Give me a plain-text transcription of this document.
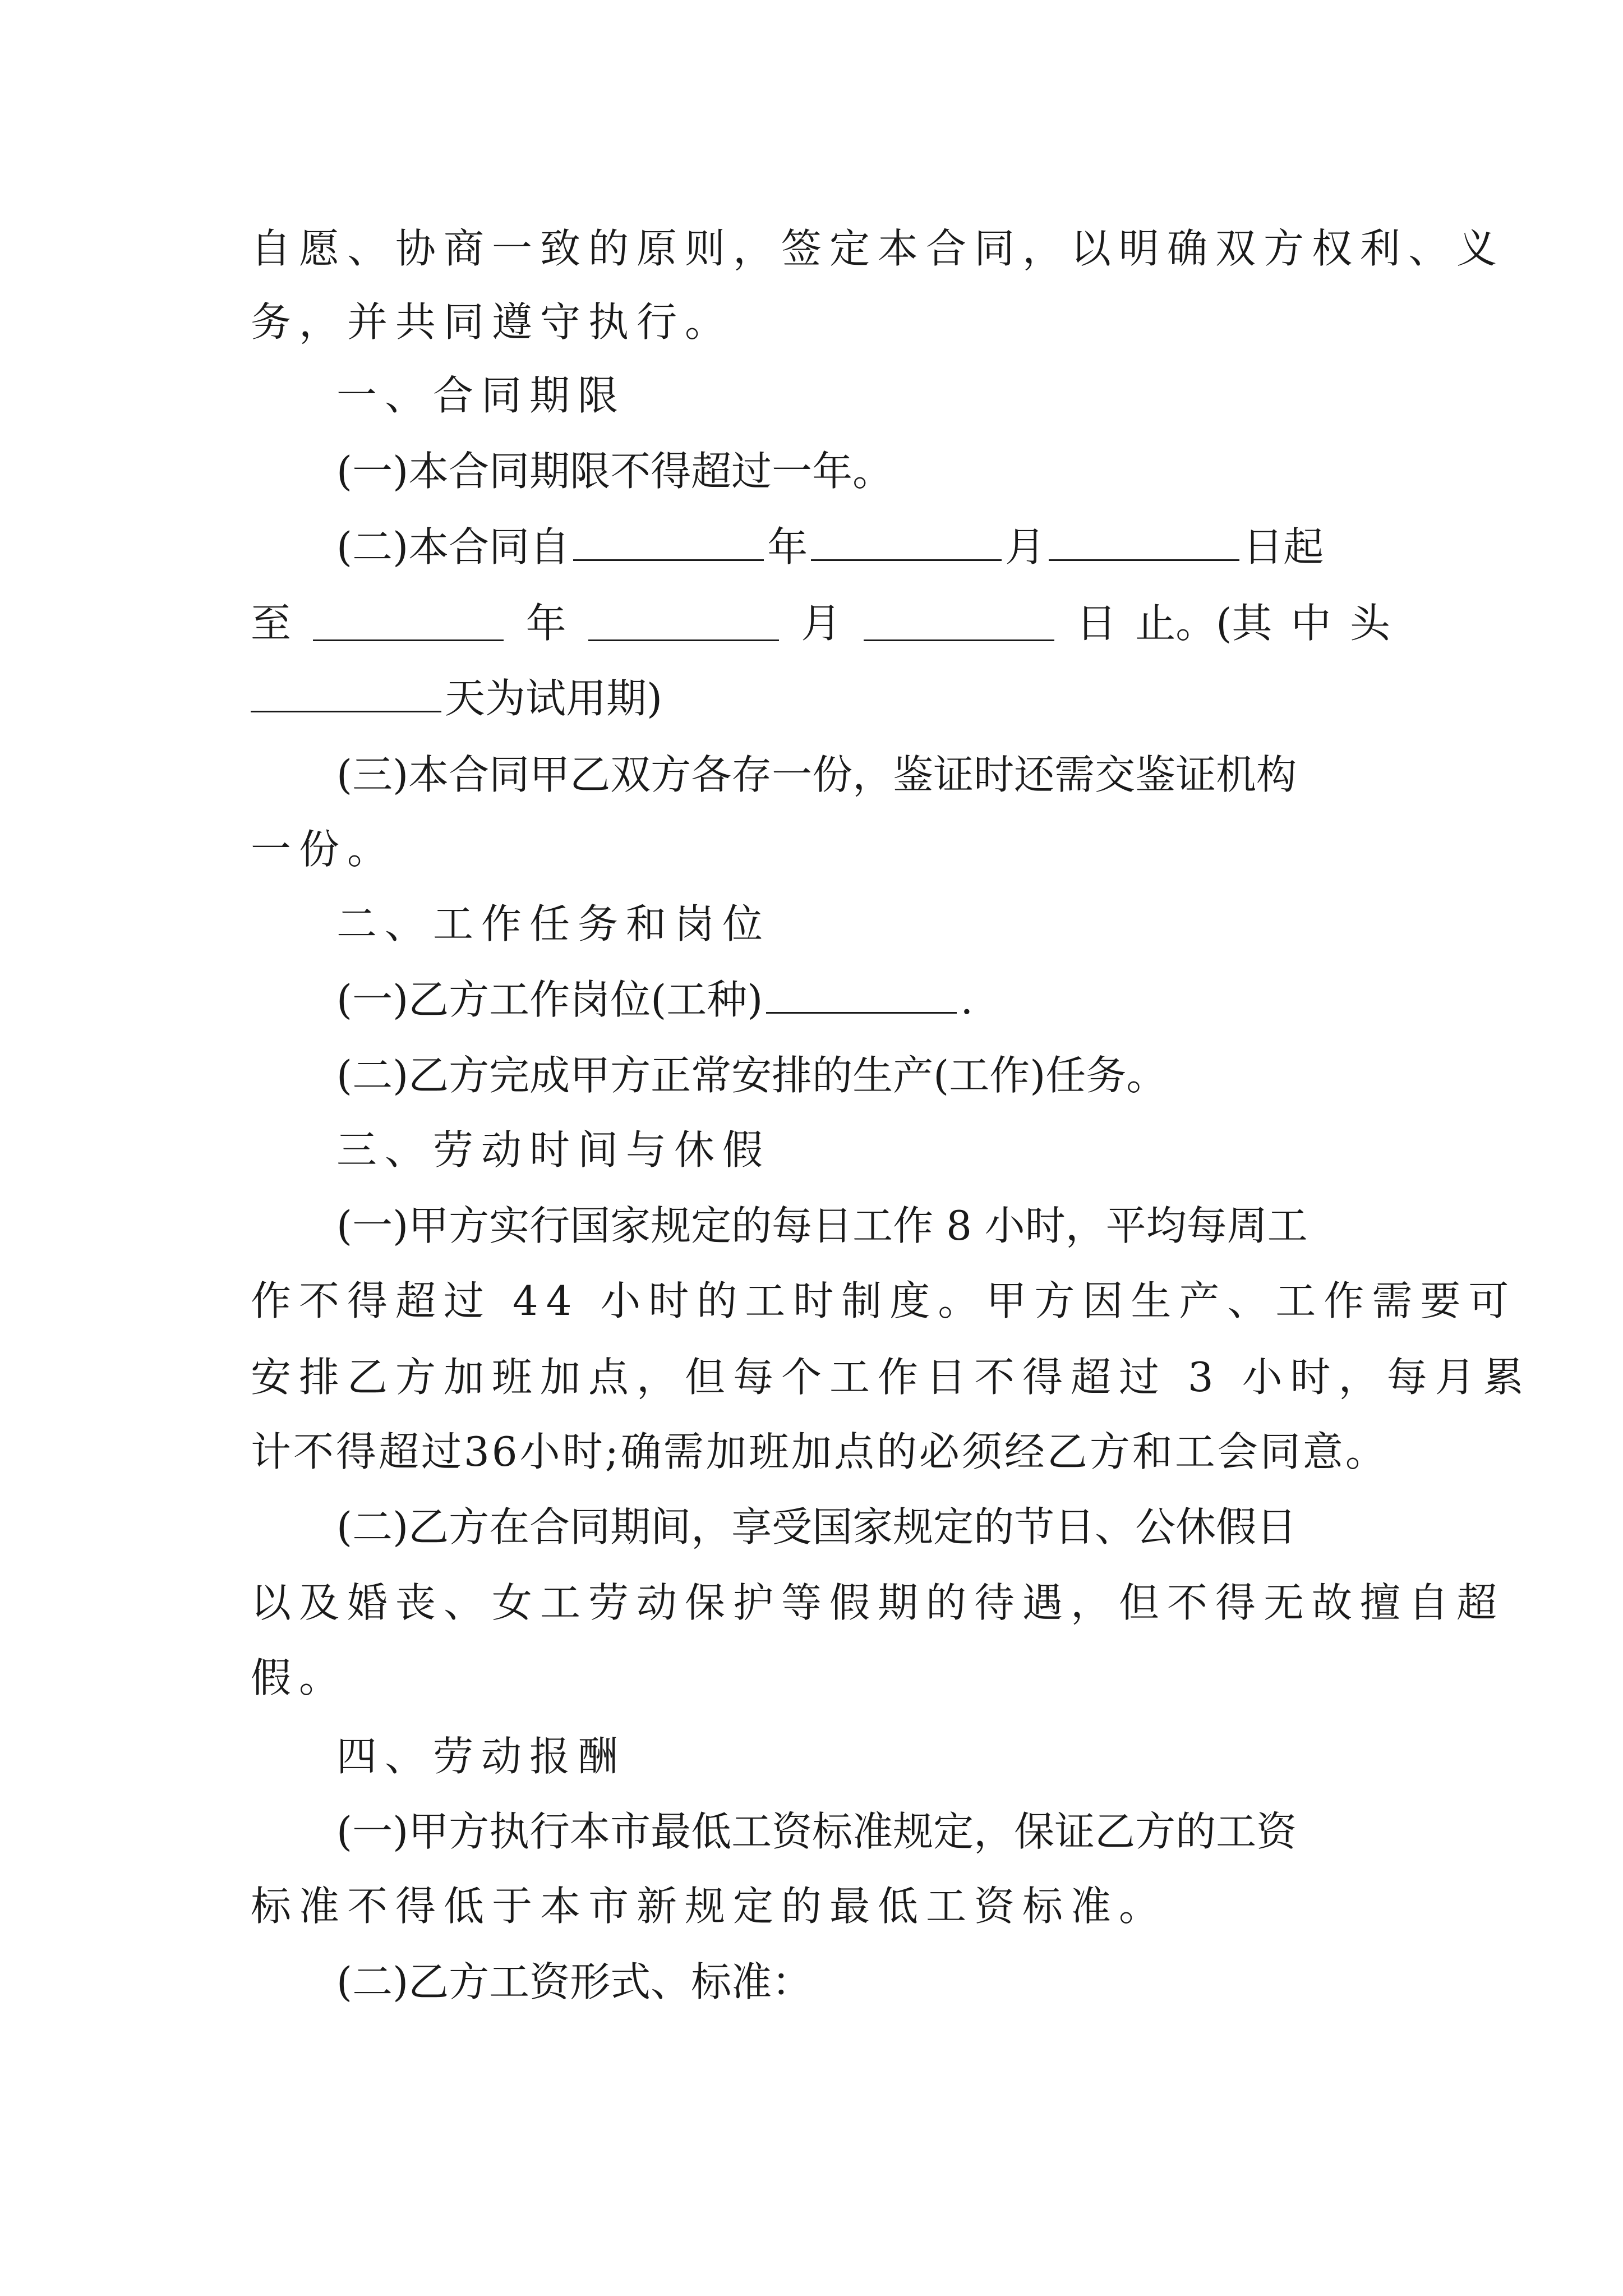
自愿、协商一致的原则，签定本合同，以明确双方权利、义
务，并共同遵守执行。
一、合同期限
(一)本合同期限不得超过一年。
(二)本合同自	年	月	日起
至	年	月	日 止。(其 中 头
天为试用期)
(三)本合同甲乙双方各存一份，鉴证时还需交鉴证机构
一份。
二、工作任务和岗位
(一)乙方工作岗位(工种)	.
(二)乙方完成甲方正常安排的生产(工作)任务。
三、劳动时间与休假
(一)甲方实行国家规定的每日工作 8 小时，平均每周工
作不得超过 44 小时的工时制度。甲方因生产、工作需要可
安排乙方加班加点，但每个工作日不得超过 3 小时，每月累
计不得超过36小时;确需加班加点的必须经乙方和工会同意。
(二)乙方在合同期间，享受国家规定的节日、公休假日
以及婚丧、女工劳动保护等假期的待遇，但不得无故擅自超
假。
四、劳动报酬
(一)甲方执行本市最低工资标准规定，保证乙方的工资
标准不得低于本市新规定的最低工资标准。
(二)乙方工资形式、标准：
